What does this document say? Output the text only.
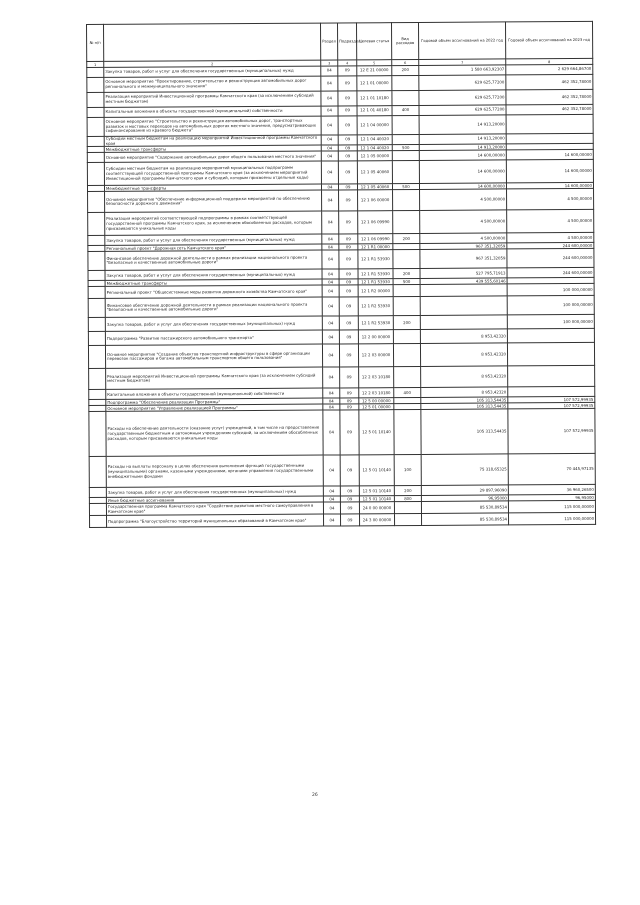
№ п/п		Раздел	Подраздел	Целевая статья	Вид расходов	Годовой объем ассигнований на 2022 год	Годовой объем ассигнований на 2023 год
1	2	3	4	5	6	7	8
	Закупка товаров, работ и услуг для обеспечения государственных (муниципальных) нужд	04	09	12 Е 21 00000	200	1 580 663,92307	2 629 664,86700
	Основное мероприятие "Проектирование, строительство и реконструкция автомобильных дорог регионального и межмуниципального значения"	04	09	12 1 01 00000		629 625,77200	462 352,78000
	Реализация мероприятий Инвестиционной программы Камчатского края (за исключением субсидий местным бюджетам)	04	09	12 1 01 10180		629 625,77200	462 352,78000
	Капитальные вложения в объекты государственной (муниципальной) собственности	04	09	12 1 01 40180	400	629 625,77200	462 352,78000
	Основное мероприятие "Строительство и реконструкция автомобильных дорог, транспортных развязок и мостовых переходов на автомобильных дорогах местного значения, предусматривающих софинансирование из краевого бюджета"	04	09	12 1 04 00000		14 913,20000	
	Субсидии местным бюджетам на реализацию мероприятий Инвестиционной программы Камчатского края	04	09	12 1 04 40020		14 913,20000	
	Межбюджетные трансферты	04	09	12 1 04 40020	500	14 913,20000	
	Основное мероприятие "Содержание автомобильных дорог общего пользования местного значения"	04	09	12 1 05 00000		14 600,00000	14 600,00000
	Субсидии местным бюджетам на реализацию мероприятий муниципальных подпрограмм соответствующей государственной программы Камчатского края (за исключением мероприятий Инвестиционной программы Камчатского края и субсидий, которым присвоены отдельные коды)	04	09	12 1 05 40060		14 600,00000	14 600,00000
	Межбюджетные трансферты	04	09	12 1 05 40060	500	14 600,00000	14 600,00000
	Основное мероприятие "Обеспечение информационной поддержки мероприятий по обеспечению безопасности дорожного движения"	04	09	12 1 06 00000		4 500,00000	4 500,00000
	Реализация мероприятий соответствующей подпрограммы в рамках соответствующей государственной программы Камчатского края, за исключением обособленных расходов, которым присваиваются уникальные коды	04	09	12 1 06 09990		4 500,00000	4 500,00000
	Закупка товаров, работ и услуг для обеспечения государственных (муниципальных) нужд	04	09	12 1 06 09990	200	4 500,00000	4 500,00000
	Региональный проект "Дорожная сеть Камчатского края"	04	09	12 1 R1 00000		967 351,32059	244 600,00000
	Финансовое обеспечение дорожной деятельности в рамках реализации национального проекта "Безопасные и качественные автомобильные дороги"	04	09	12 1 R1 53930		967 351,32059	244 600,00000
	Закупка товаров, работ и услуг для обеспечения государственных (муниципальных) нужд	04	09	12 1 R1 53930	200	527 795,71913	244 600,00000
	Межбюджетные трансферты	04	09	12 1 R1 53930	500	439 555,60146	
	Региональный проект "Общесистемные меры развития дорожного хозяйства Камчатского края"	04	09	12 1 R2 00000			100 000,00000
	Финансовое обеспечение дорожной деятельности в рамках реализации национального проекта "Безопасные и качественные автомобильные дороги"	04	09	12 1 R2 53930			100 000,00000
	Закупка товаров, работ и услуг для обеспечения государственных (муниципальных) нужд	04	09	12 1 R2 53930	200		100 000,00000
	Подпрограмма "Развитие пассажирского автомобильного транспорта"	04	09	12 2 00 00000		8 953,42320	
	Основное мероприятие "Создание объектов транспортной инфраструктуры в сфере организации перевозок пассажиров и багажа автомобильным транспортом общего пользования"	04	09	12 2 03 00000		8 953,42320	
	Реализация мероприятий Инвестиционной программы Камчатского края (за исключением субсидий местным бюджетам)	04	09	12 2 03 10180		8 953,42320	
	Капитальные вложения в объекты государственной (муниципальной) собственности	04	09	12 2 03 10180	400	8 953,42320	
	Подпрограмма "Обеспечение реализации Программы"	04	09	12 5 00 00000		105 313,54435	107 572,99935
	Основное мероприятие "Управление реализацией Программы"	04	09	12 5 01 00000		105 313,54435	107 572,99935
	Расходы на обеспечение деятельности (оказание услуг) учреждений, в том числе на предоставление государственным бюджетным и автономным учреждениям субсидий, за исключением обособленных расходов, которым присваиваются уникальные коды	04	09	12 5 01 10140		105 313,54435	107 572,99935
	Расходы на выплаты персоналу в целях обеспечения выполнения функций государственными (муниципальными) органами, казенными учреждениями, органами управления государственными внебюджетными фондами	04	09	12 5 01 10140	100	75 318,65325	70 445,97135
	Закупка товаров, работ и услуг для обеспечения государственных (муниципальных) нужд	04	09	12 5 01 10140	200	29 897,96090	36 960,26500
	Иные бюджетные ассигнования	04	09	12 5 01 10140	800	96,95000	96,95000
	Государственная программа Камчатского края "Содействие развитию местного самоуправления в Камчатском крае"	04	09	24 0 00 00000		85 530,89534	115 000,00000
	Подпрограмма "Благоустройство территорий муниципальных образований в Камчатском крае"	04	09	24 3 00 00000		85 530,89534	115 000,00000
26
